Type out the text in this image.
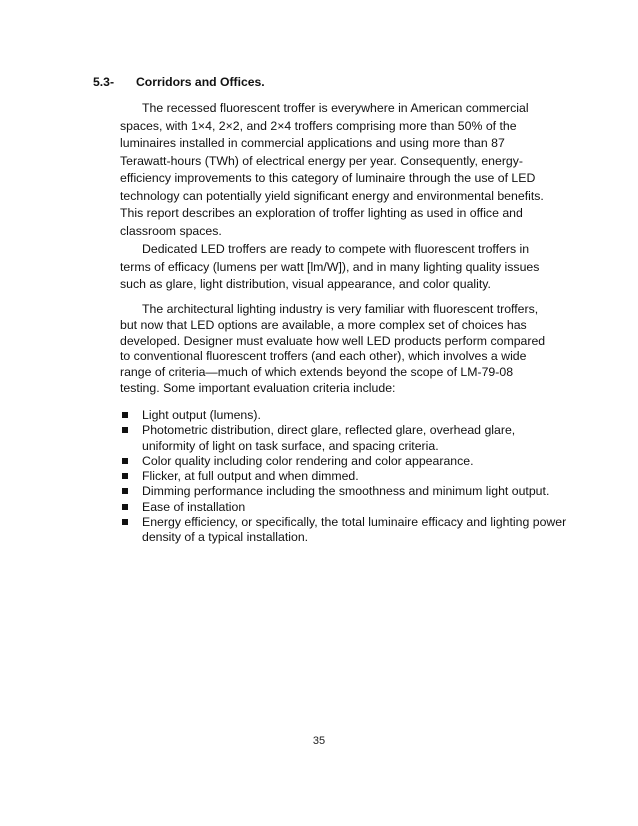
5.3- Corridors and Offices.

The recessed fluorescent troffer is everywhere in American commercial spaces, with 1×4, 2×2, and 2×4 troffers comprising more than 50% of the luminaires installed in commercial applications and using more than 87 Terawatt-hours (TWh) of electrical energy per year. Consequently, energy-efficiency improvements to this category of luminaire through the use of LED technology can potentially yield significant energy and environmental benefits. This report describes an exploration of troffer lighting as used in office and classroom spaces.

Dedicated LED troffers are ready to compete with fluorescent troffers in terms of efficacy (lumens per watt [lm/W]), and in many lighting quality issues such as glare, light distribution, visual appearance, and color quality.

The architectural lighting industry is very familiar with fluorescent troffers, but now that LED options are available, a more complex set of choices has developed. Designer must evaluate how well LED products perform compared to conventional fluorescent troffers (and each other), which involves a wide range of criteria—much of which extends beyond the scope of LM-79-08 testing. Some important evaluation criteria include:

Light output (lumens).
Photometric distribution, direct glare, reflected glare, overhead glare, uniformity of light on task surface, and spacing criteria.
Color quality including color rendering and color appearance.
Flicker, at full output and when dimmed.
Dimming performance including the smoothness and minimum light output.
Ease of installation
Energy efficiency, or specifically, the total luminaire efficacy and lighting power density of a typical installation.
35
